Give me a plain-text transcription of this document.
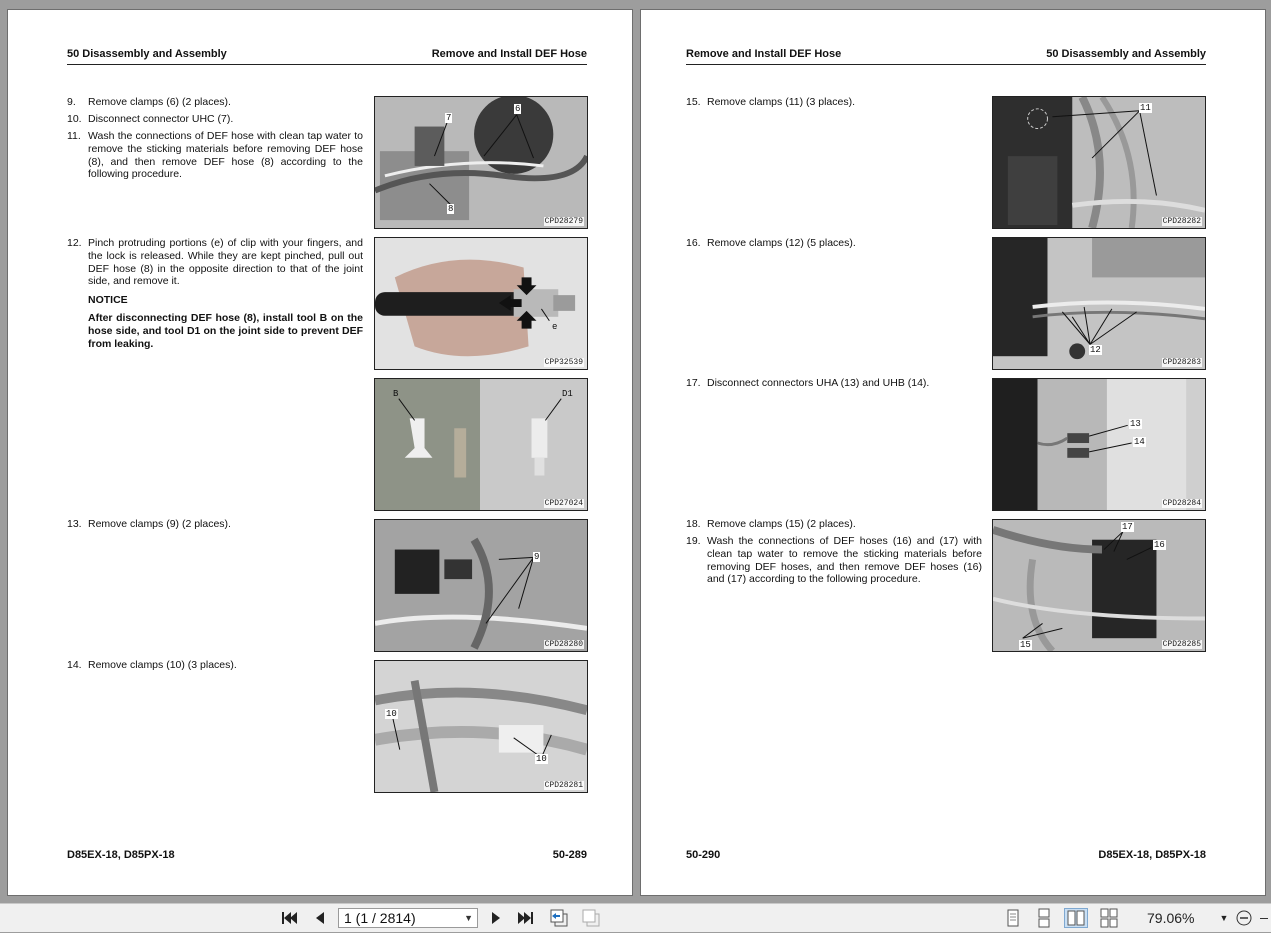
50 Disassembly and Assembly	Remove and Install DEF Hose
9. Remove clamps (6) (2 places).
10. Disconnect connector UHC (7).
11. Wash the connections of DEF hose with clean tap water to remove the sticking materials before removing DEF hose (8), and then remove DEF hose (8) according to the following procedure.
12. Pinch protruding portions (e) of clip with your fingers, and the lock is released. While they are kept pinched, pull out DEF hose (8) in the opposite direction to that of the joint side, and remove it.
NOTICE
After disconnecting DEF hose (8), install tool B on the hose side, and tool D1 on the joint side to prevent DEF from leaking.
13. Remove clamps (9) (2 places).
14. Remove clamps (10) (3 places).
7
6
8
CPD28279
e
CPP32539
B	D1
CPD27024
9
CPD28280
10
10
CPD28281
D85EX-18, D85PX-18	50-289
Remove and Install DEF Hose	50 Disassembly and Assembly
15. Remove clamps (11) (3 places).
16. Remove clamps (12) (5 places).
17. Disconnect connectors UHA (13) and UHB (14).
18. Remove clamps (15) (2 places).
19. Wash the connections of DEF hoses (16) and (17) with clean tap water to remove the sticking materials before removing DEF hoses, and then remove DEF hoses (16) and (17) according to the following procedure.
11
CPD28282
12
CPD28283
13
14
CPD28284
17
16
15	CPD28285
50-290	D85EX-18, D85PX-18
1 (1 / 2814)	▼	79.06%	▼
